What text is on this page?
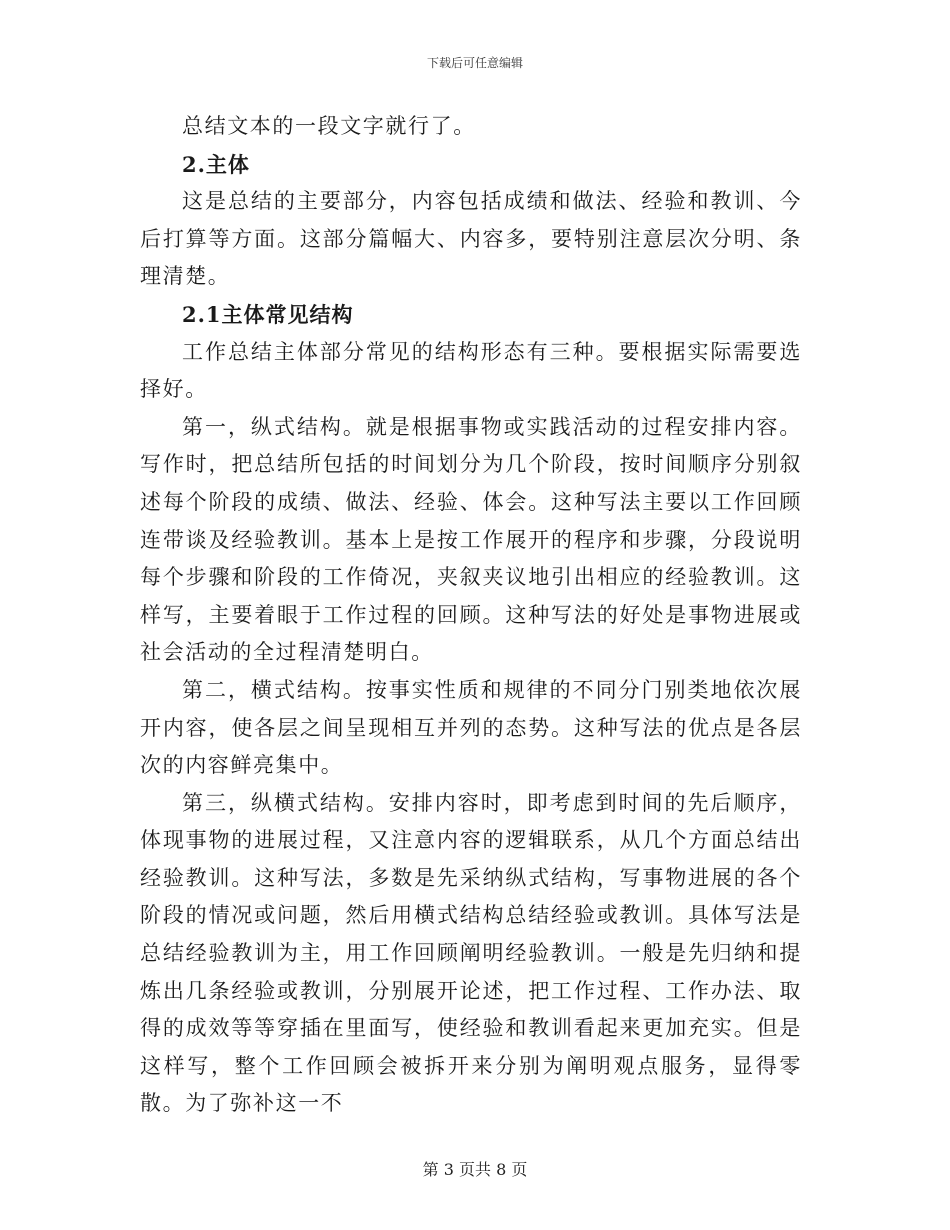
下载后可任意编辑

总结文本的一段文字就行了。

2.主体

这是总结的主要部分，内容包括成绩和做法、经验和教训、今后打算等方面。这部分篇幅大、内容多，要特别注意层次分明、条理清楚。

2.1主体常见结构

工作总结主体部分常见的结构形态有三种。要根据实际需要选择好。

第一，纵式结构。就是根据事物或实践活动的过程安排内容。写作时，把总结所包括的时间划分为几个阶段，按时间顺序分别叙述每个阶段的成绩、做法、经验、体会。这种写法主要以工作回顾连带谈及经验教训。基本上是按工作展开的程序和步骤，分段说明每个步骤和阶段的工作倚况，夹叙夹议地引出相应的经验教训。这样写，主要着眼于工作过程的回顾。这种写法的好处是事物进展或社会活动的全过程清楚明白。

第二，横式结构。按事实性质和规律的不同分门别类地依次展开内容，使各层之间呈现相互并列的态势。这种写法的优点是各层次的内容鲜亮集中。

第三，纵横式结构。安排内容时，即考虑到时间的先后顺序，体现事物的进展过程，又注意内容的逻辑联系，从几个方面总结出经验教训。这种写法，多数是先采纳纵式结构，写事物进展的各个阶段的情况或问题，然后用横式结构总结经验或教训。具体写法是总结经验教训为主，用工作回顾阐明经验教训。一般是先归纳和提炼出几条经验或教训，分别展开论述，把工作过程、工作办法、取得的成效等等穿插在里面写，使经验和教训看起来更加充实。但是这样写，整个工作回顾会被拆开来分别为阐明观点服务，显得零散。为了弥补这一不

第 3 页共 8 页
